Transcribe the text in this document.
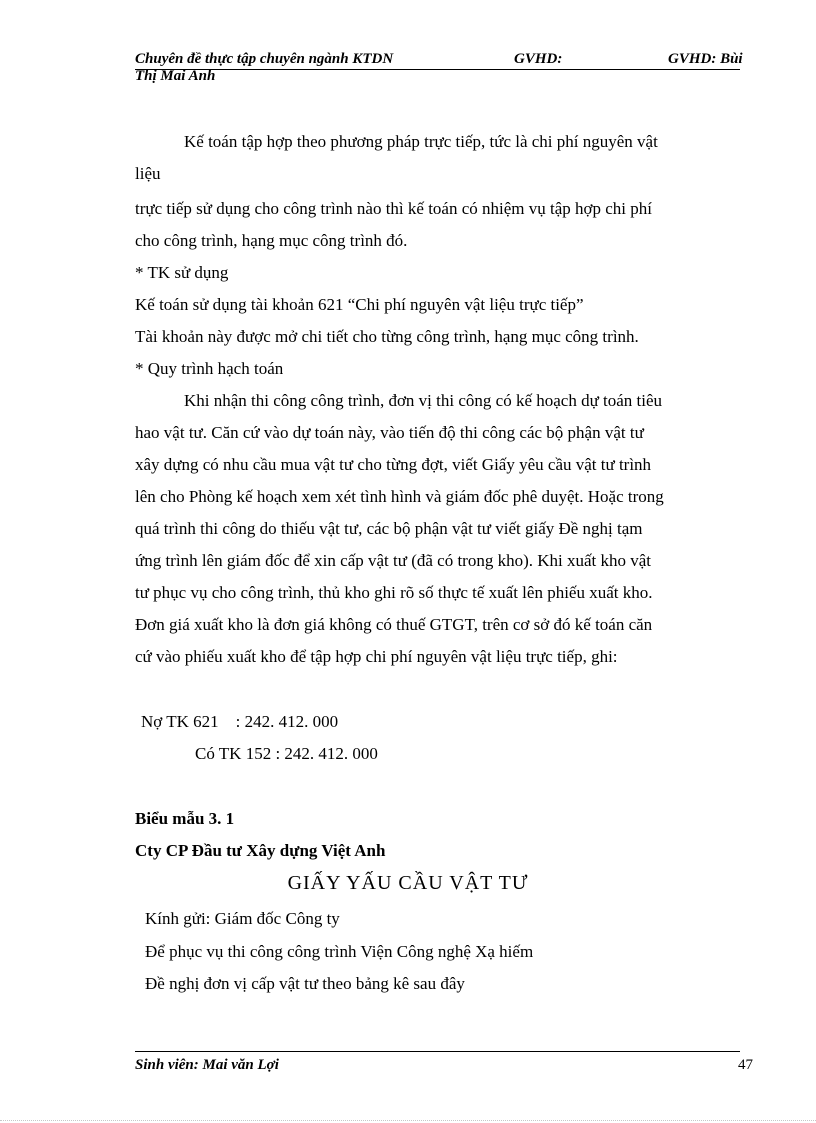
Chuyên đề thực tập chuyên ngành KTDN	GVHD:	GVHD: Bùi
Thị Mai Anh
Kế toán tập hợp theo phương pháp trực tiếp, tức là chi phí nguyên vật
liệu
trực tiếp sử dụng cho công trình nào thì kế toán có nhiệm vụ tập hợp chi phí
cho công trình, hạng mục công trình đó.
* TK sử dụng
Kế toán sử dụng tài khoản 621 “Chi phí nguyên vật liệu trực tiếp”
Tài khoản này được mở chi tiết cho từng công trình, hạng mục công trình.
* Quy trình hạch toán
Khi nhận thi công công trình, đơn vị thi công có kế hoạch dự toán tiêu
hao vật tư. Căn cứ vào dự toán này, vào tiến độ thi công các bộ phận vật tư
xây dựng có nhu cầu mua vật tư cho từng đợt, viết Giấy yêu cầu vật tư trình
lên cho Phòng kế hoạch xem xét tình hình và giám đốc phê duyệt. Hoặc trong
quá trình thi công do thiếu vật tư, các bộ phận vật tư viết giấy Đề nghị tạm
ứng trình lên giám đốc để xin cấp vật tư (đã có trong kho). Khi xuất kho vật
tư phục vụ cho công trình, thủ kho ghi rõ số thực tế xuất lên phiếu xuất kho.
Đơn giá xuất kho là đơn giá không có thuế GTGT, trên cơ sở đó kế toán căn
cứ vào phiếu xuất kho để tập hợp chi phí nguyên vật liệu trực tiếp, ghi:
Nợ TK 621    : 242. 412. 000
Có TK 152 : 242. 412. 000
Biểu mẫu 3. 1
Cty CP Đầu tư Xây dựng Việt Anh
GIẤY YẤU CẦU VẬT TƯ
Kính gửi: Giám đốc Công ty
Để phục vụ thi công công trình Viện Công nghệ Xạ hiếm
Đề nghị đơn vị cấp vật tư theo bảng kê sau đây
Sinh viên: Mai văn Lợi	47
